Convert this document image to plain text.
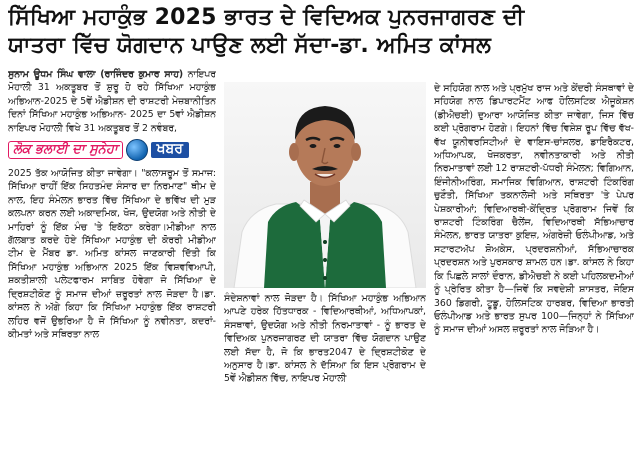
ਸਿੱਖਿਆ ਮਹਾਕੁੰਭ 2025 ਭਾਰਤ ਦੇ ਵਿਦਿਅਕ ਪੁਨਰਜਾਗਰਣ ਦੀ
ਯਾਤਰਾ ਵਿੱਚ ਯੋਗਦਾਨ ਪਾਉਣ ਲਈ ਸੱਦਾ-ਡਾ. ਅਮਿਤ ਕਾਂਸਲ

ਸੁਨਾਮ ਊਧਮ ਸਿੰਘ ਵਾਲਾ (ਰਾਜਿੰਦਰ ਕੁਮਾਰ ਸਾਹ) ਨਾਇਪਰ ਮੋਹਾਲੀ 31 ਅਕਤੂਬਰ ਤੋਂ ਸ਼ੁਰੂ ਹੋ ਰਹੇ ਸਿੱਖਿਆ ਮਹਾਕੁੰਭ ਅਭਿਆਨ-2025 ਦੇ 5ਵੇਂ ਐਡੀਸ਼ਨ ਦੀ ਰਾਸ਼ਟਰੀ ਮੇਜ਼ਬਾਨੀਤਿਨ ਦਿਨਾਂ ਸਿੱਖਿਆ ਮਹਾਕੁੰਭ ਅਭਿਆਨ- 2025 ਦਾ 5ਵਾਂ ਐਡੀਸ਼ਨ ਨਾਇਪਰ ਮੋਹਾਲੀ ਵਿਖੇ 31 ਅਕਤੂਬਰ ਤੋਂ 2 ਨਵੰਬਰ,

ਲੋਕ ਭਲਾਈ ਦਾ ਸੁਨੇਹਾ	ਖਬਰ

2025 ਤੱਕ ਆਯੋਜਿਤ ਕੀਤਾ ਜਾਵੇਗਾ। "ਕਲਾਸਰੂਮ ਤੋਂ ਸਮਾਜ: ਸਿੱਖਿਆ ਰਾਹੀਂ ਇੱਕ ਸਿਹਤਮੰਦ ਸੰਸਾਰ ਦਾ ਨਿਰਮਾਣ" ਥੀਮ ਦੇ ਨਾਲ, ਇਹ ਸੰਮੇਲਨ ਭਾਰਤ ਵਿੱਚ ਸਿੱਖਿਆ ਦੇ ਭਵਿੱਖ ਦੀ ਮੁੜ ਕਲਪਨਾ ਕਰਨ ਲਈ ਅਕਾਦਮਿਕ, ਖੋਜ, ਉਦਯੋਗ ਅਤੇ ਨੀਤੀ ਦੇ ਮਾਹਿਰਾਂ ਨੂੰ ਇੱਕ ਮੰਚ 'ਤੇ ਇਕੱਠਾ ਕਰੇਗਾ।ਮੀਡੀਆ ਨਾਲ ਗੱਲਬਾਤ ਕਰਦੇ ਹੋਏ ਸਿੱਖਿਆ ਮਹਾਕੁੰਭ ਦੀ ਕੋਰਰੀ ਮੀਡੀਆ ਟੀਮ ਦੇ ਮੈਂਬਰ ਡਾ. ਅਮਿਤ ਕਾਂਸਲ ਜਾਣਕਾਰੀ ਦਿੱਤੀ ਕਿ ਸਿੱਖਿਆ ਮਹਾਕੁੰਭ ਅਭਿਆਨ 2025 ਇੱਕ ਵਿਸ਼ਵਵਿਆਪੀ, ਸ਼ਕਤੀਸ਼ਾਲੀ ਪਲੇਟਫਾਰਮ ਸਾਬਿਤ ਹੋਵੇਗਾ ਜੋ ਸਿੱਖਿਆ ਦੇ ਦ੍ਰਿਸ਼ਟੀਕੋਣ ਨੂੰ ਸਮਾਜ ਦੀਆਂ ਜ਼ਰੂਰਤਾਂ ਨਾਲ ਜੋੜਦਾ ਹੈ।ਡਾ. ਕਾਂਸਲ ਨੇ ਅੱਗੇ ਕਿਹਾ ਕਿ ਸਿੱਖਿਆ ਮਹਾਕੁੰਭ ਇੱਕ ਰਾਸ਼ਟਰੀ ਲਹਿਰ ਵਜੋਂ ਉਭਰਿਆ ਹੈ ਜੋ ਸਿੱਖਿਆ ਨੂੰ ਨਵੀਨਤਾ, ਕਦਰਾਂ-ਕੀਮਤਾਂ ਅਤੇ ਸਥਿਰਤਾ ਨਾਲ

ਸੰਦੇਸ਼ਨਾਵਾਂ ਨਾਲ ਜੋੜਦਾ ਹੈ। ਸਿੱਖਿਆ ਮਹਾਕੁੰਭ ਅਭਿਆਨ ਆਪਣੇ ਹਰੇਕ ਹਿੱਤਧਾਰਕ - ਵਿਦਿਆਰਥੀਆਂ, ਅਧਿਆਪਕਾਂ, ਸੰਸਥਾਵਾਂ, ਉਦਯੋਗ ਅਤੇ ਨੀਤੀ ਨਿਰਮਾਤਾਵਾਂ - ਨੂੰ ਭਾਰਤ ਦੇ ਵਿਦਿਅਕ ਪੁਨਰਜਾਗਰਣ ਦੀ ਯਾਤਰਾ ਵਿੱਚ ਯੋਗਦਾਨ ਪਾਉਣ ਲਈ ਸੱਦਾ ਹੈ, ਜੋ ਕਿ ਭਾਰਤ2047 ਦੇ ਦ੍ਰਿਸ਼ਟੀਕੋਣ ਦੇ ਅਨੁਸਾਰ ਹੈ।ਡਾ. ਕਾਂਸਲ ਨੇ ਦੱਸਿਆ ਕਿ ਇਸ ਪ੍ਰੋਗਰਾਮ ਦੇ 5ਵੇਂ ਐਡੀਸ਼ਨ ਵਿੱਚ, ਨਾਇਪਰ ਮੋਹਾਲੀ

ਦੇ ਸਹਿਯੋਗ ਨਾਲ ਅਤੇ ਪ੍ਰਮੁੱਖ ਰਾਜ ਅਤੇ ਕੇਂਦਰੀ ਸੰਸਥਾਵਾਂ ਦੇ ਸਹਿਯੋਗ ਨਾਲ ਡਿਪਾਰਟਮੈਂਟ ਆਫ ਹੋਲਿਸਟਿਕ ਐਜੂਕੇਸ਼ਨ (ਡੀਐਚਈ) ਦੁਆਰਾ ਆਯੋਜਿਤ ਕੀਤਾ ਜਾਵੇਗਾ, ਜਿਸ ਵਿੱਚ ਕਈ ਪ੍ਰੋਗਰਾਮ ਹੋਣਗੇ। ਇਹਨਾਂ ਵਿੱਚ ਵਿਸ਼ੇਸ਼ ਰੂਪ ਵਿੱਚ ਵੱਖ-ਵੱਖ ਯੂਨੀਵਰਸਿਟੀਆਂ ਦੇ ਵਾਇਸ-ਚਾਂਸਲਰ, ਡਾਇਰੈਕਟਰ, ਅਧਿਆਪਕ, ਖੋਜਕਰਤਾ, ਨਵੀਨਤਾਕਾਰੀ ਅਤੇ ਨੀਤੀ ਨਿਰਮਾਤਾਵਾਂ ਲਈ 12 ਰਾਸ਼ਟਰੀ-ਪੱਧਰੀ ਸੰਮੇਲਨ; ਵਿਗਿਆਨ, ਇੰਜੀਨੀਅਰਿੰਗ, ਸਮਾਜਿਕ ਵਿਗਿਆਨ, ਰਾਸ਼ਟਰੀ ਟਿੰਕਰਿੰਗ ਚੁਣੌਤੀ, ਸਿੱਖਿਆ ਤਕਨਾਲੋਜੀ ਅਤੇ ਸਥਿਰਤਾ 'ਤੇ ਪੇਪਰ ਪੇਸ਼ਕਾਰੀਆਂ; ਵਿਦਿਆਰਥੀ-ਕੇਂਦ੍ਰਿਤ ਪ੍ਰੋਗਰਾਮ ਜਿਵੇਂ ਕਿ ਰਾਸ਼ਟਰੀ ਟਿੰਕਰਿੰਗ ਚੈਲੇਂਜ, ਵਿਦਿਆਰਥੀ ਸੱਭਿਆਚਾਰ ਸੰਮੇਲਨ, ਭਾਰਤ ਯਾਤਰਾ ਕੁਇਜ਼, ਅੰਗਰੇਜ਼ੀ ਓਲੰਪੀਆਡ, ਅਤੇ ਸਟਾਰਟਅੱਪ ਸ਼ੋਅਕੇਸ, ਪ੍ਰਦਰਸ਼ਨੀਆਂ, ਸੱਭਿਆਚਾਰਕ ਪ੍ਰਦਰਸ਼ਨ ਅਤੇ ਪੁਰਸਕਾਰ ਸ਼ਾਮਲ ਹਨ।ਡਾ. ਕਾਂਸਲ ਨੇ ਕਿਹਾ ਕਿ ਪਿਛਲੇ ਸਾਲਾਂ ਦੌਰਾਨ, ਡੀਐਚਈ ਨੇ ਕਈ ਪਹਿਲਕਦਮੀਆਂ ਨੂੰ ਪ੍ਰੇਰਿਤ ਕੀਤਾ ਹੈ—ਜਿਵੇਂ ਕਿ ਸਵਦੇਸ਼ੀ ਸ਼ਾਸਤਰ, ਜੋਇਸ 360 ਡਿਗਰੀ, ਟੂਡੂ, ਹੋਲਿਸਟਿਕ ਹਾਰਬਰ, ਵਿਦਿਆ ਭਾਰਤੀ ਓਲੰਪੀਆਡ ਅਤੇ ਭਾਰਤ ਸੁਪਰ 100—ਜਿਨ੍ਹਾਂ ਨੇ ਸਿੱਖਿਆ ਨੂੰ ਸਮਾਜ ਦੀਆਂ ਅਸਲ ਜ਼ਰੂਰਤਾਂ ਨਾਲ ਜੋੜਿਆ ਹੈ।
